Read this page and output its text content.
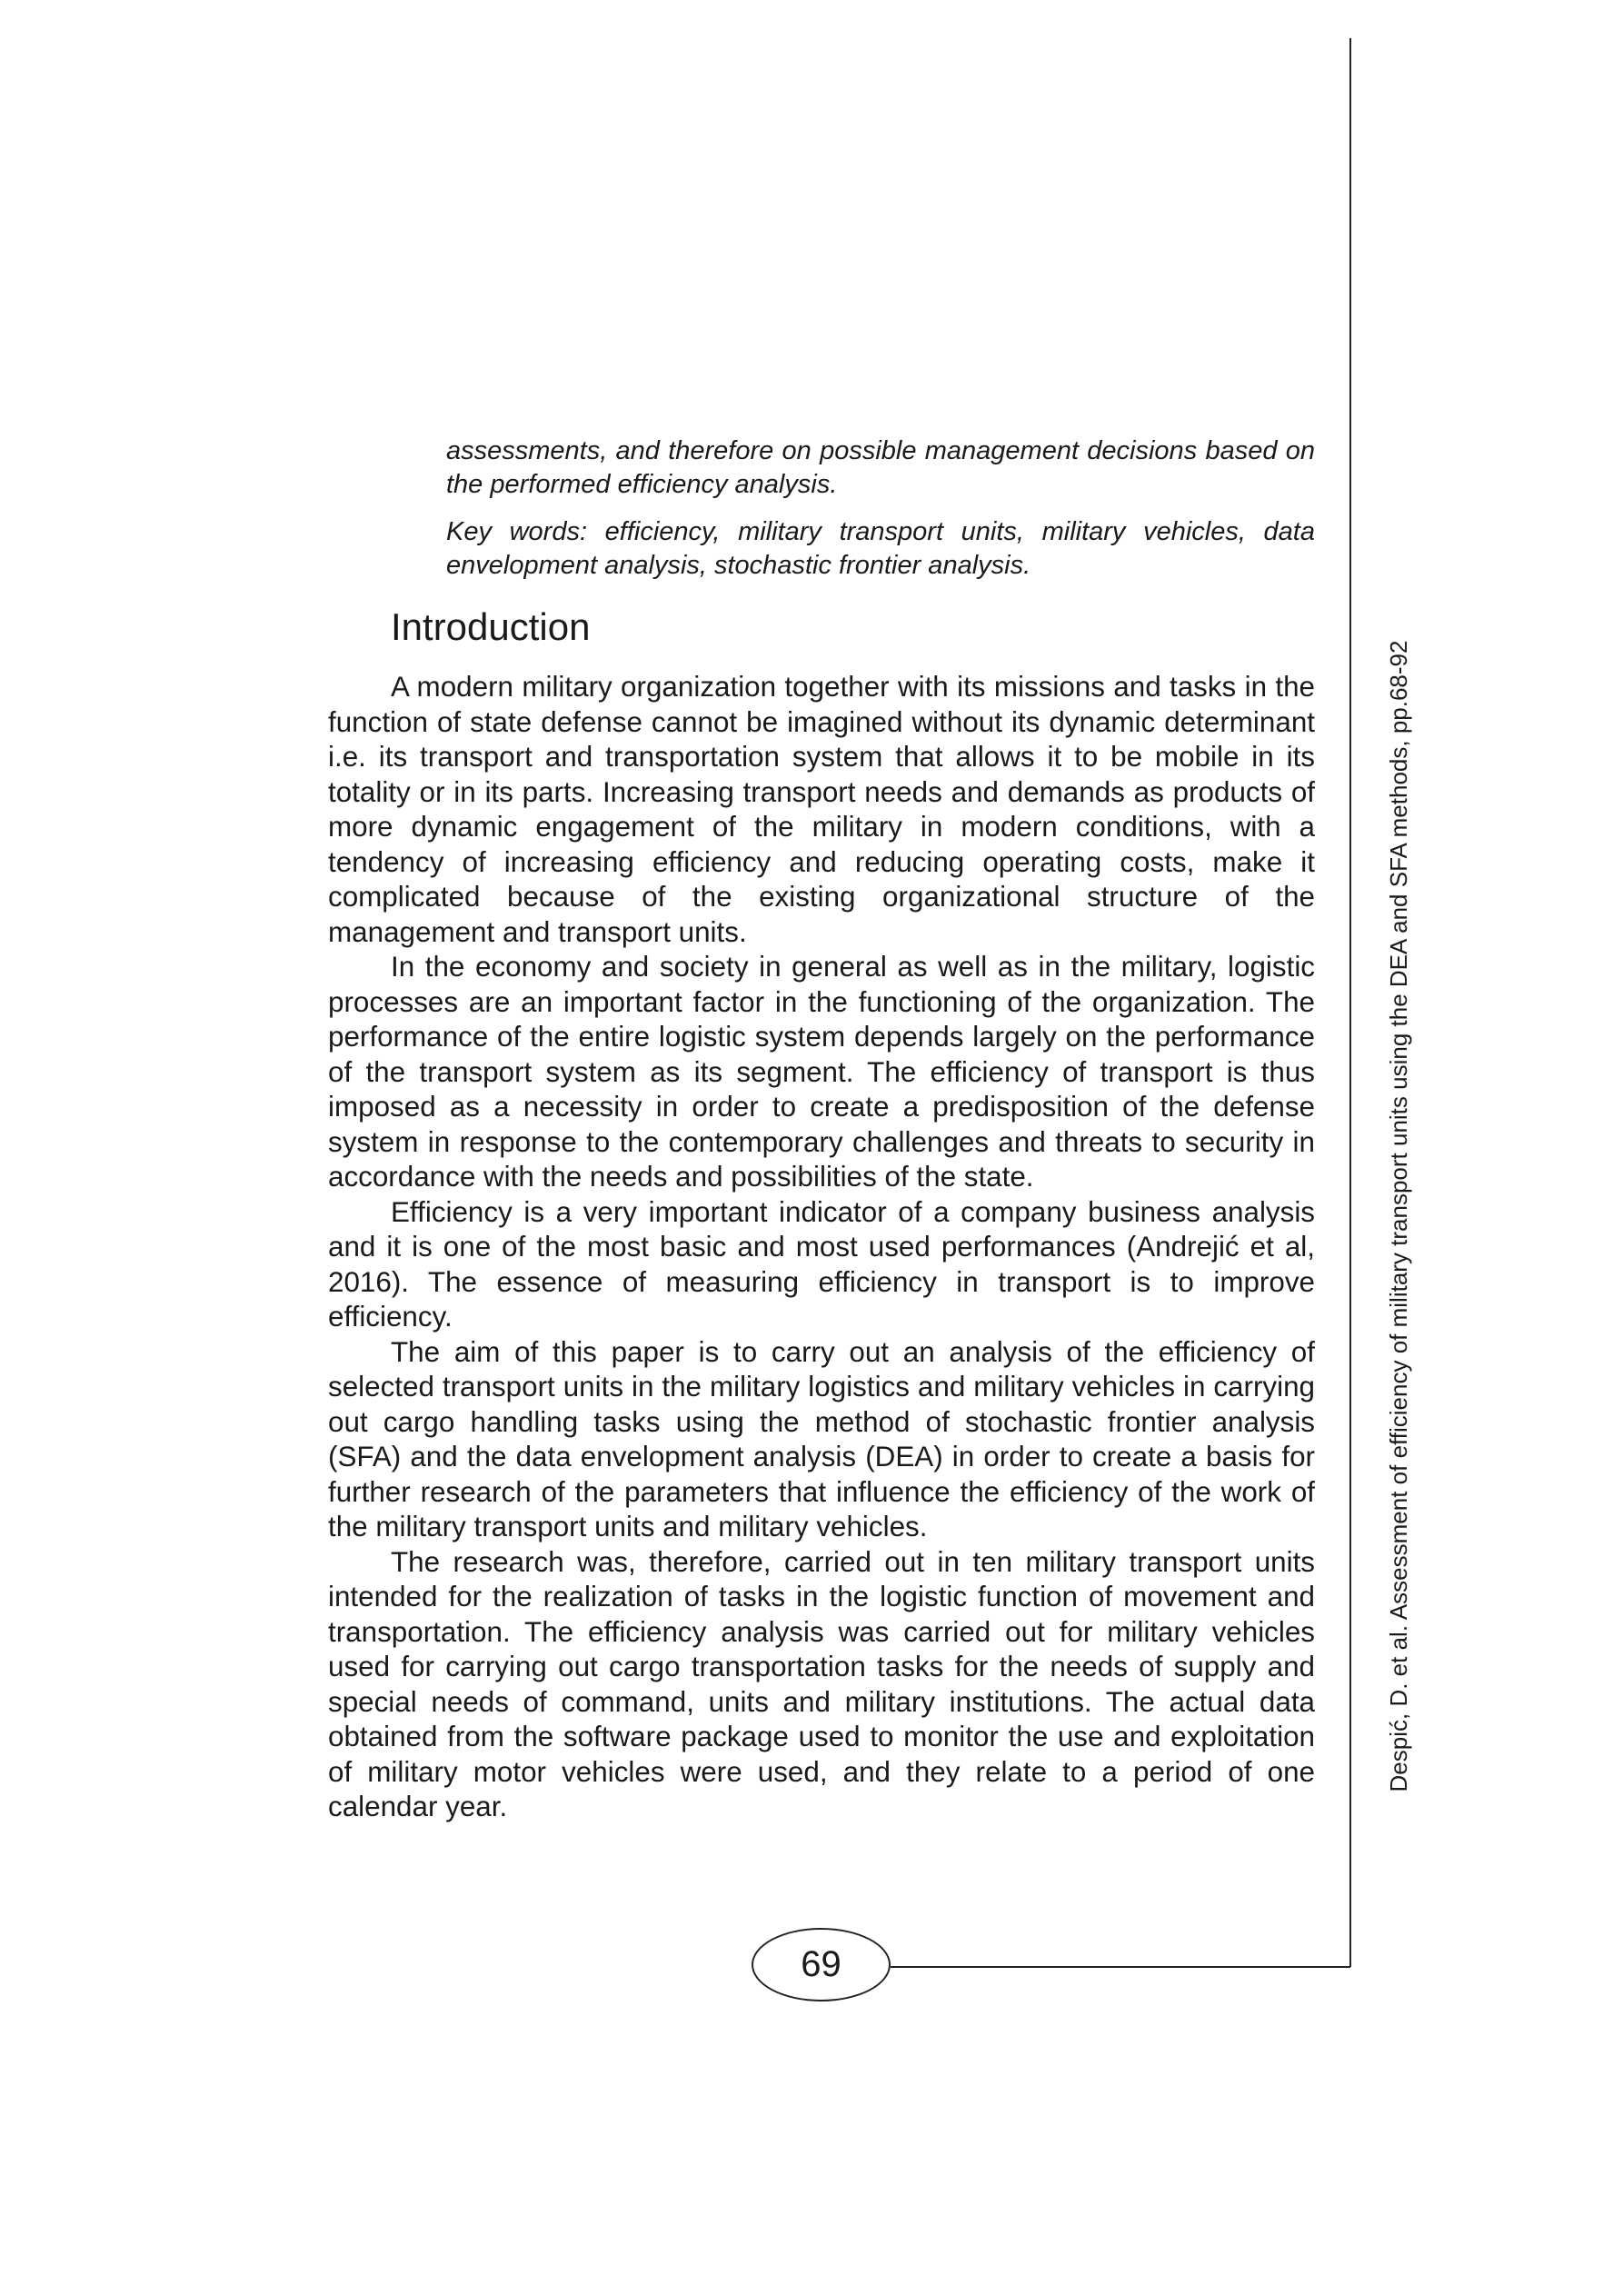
assessments, and therefore on possible management decisions based on the performed efficiency analysis.

Key words: efficiency, military transport units, military vehicles, data envelopment analysis, stochastic frontier analysis.

Introduction

A modern military organization together with its missions and tasks in the function of state defense cannot be imagined without its dynamic determinant i.e. its transport and transportation system that allows it to be mobile in its totality or in its parts. Increasing transport needs and demands as products of more dynamic engagement of the military in modern conditions, with a tendency of increasing efficiency and reducing operating costs, make it complicated because of the existing organizational structure of the management and transport units.

In the economy and society in general as well as in the military, logistic processes are an important factor in the functioning of the organization. The performance of the entire logistic system depends largely on the performance of the transport system as its segment. The efficiency of transport is thus imposed as a necessity in order to create a predisposition of the defense system in response to the contemporary challenges and threats to security in accordance with the needs and possibilities of the state.

Efficiency is a very important indicator of a company business analysis and it is one of the most basic and most used performances (Andrejić et al, 2016). The essence of measuring efficiency in transport is to improve efficiency.

The aim of this paper is to carry out an analysis of the efficiency of selected transport units in the military logistics and military vehicles in carrying out cargo handling tasks using the method of stochastic frontier analysis (SFA) and the data envelopment analysis (DEA) in order to create a basis for further research of the parameters that influence the efficiency of the work of the military transport units and military vehicles.

The research was, therefore, carried out in ten military transport units intended for the realization of tasks in the logistic function of movement and transportation. The efficiency analysis was carried out for military vehicles used for carrying out cargo transportation tasks for the needs of supply and special needs of command, units and military institutions. The actual data obtained from the software package used to monitor the use and exploitation of military motor vehicles were used, and they relate to a period of one calendar year.

Despić, D. et al. Assessment of efficiency of military transport units using the DEA and SFA methods, pp.68-92
69
